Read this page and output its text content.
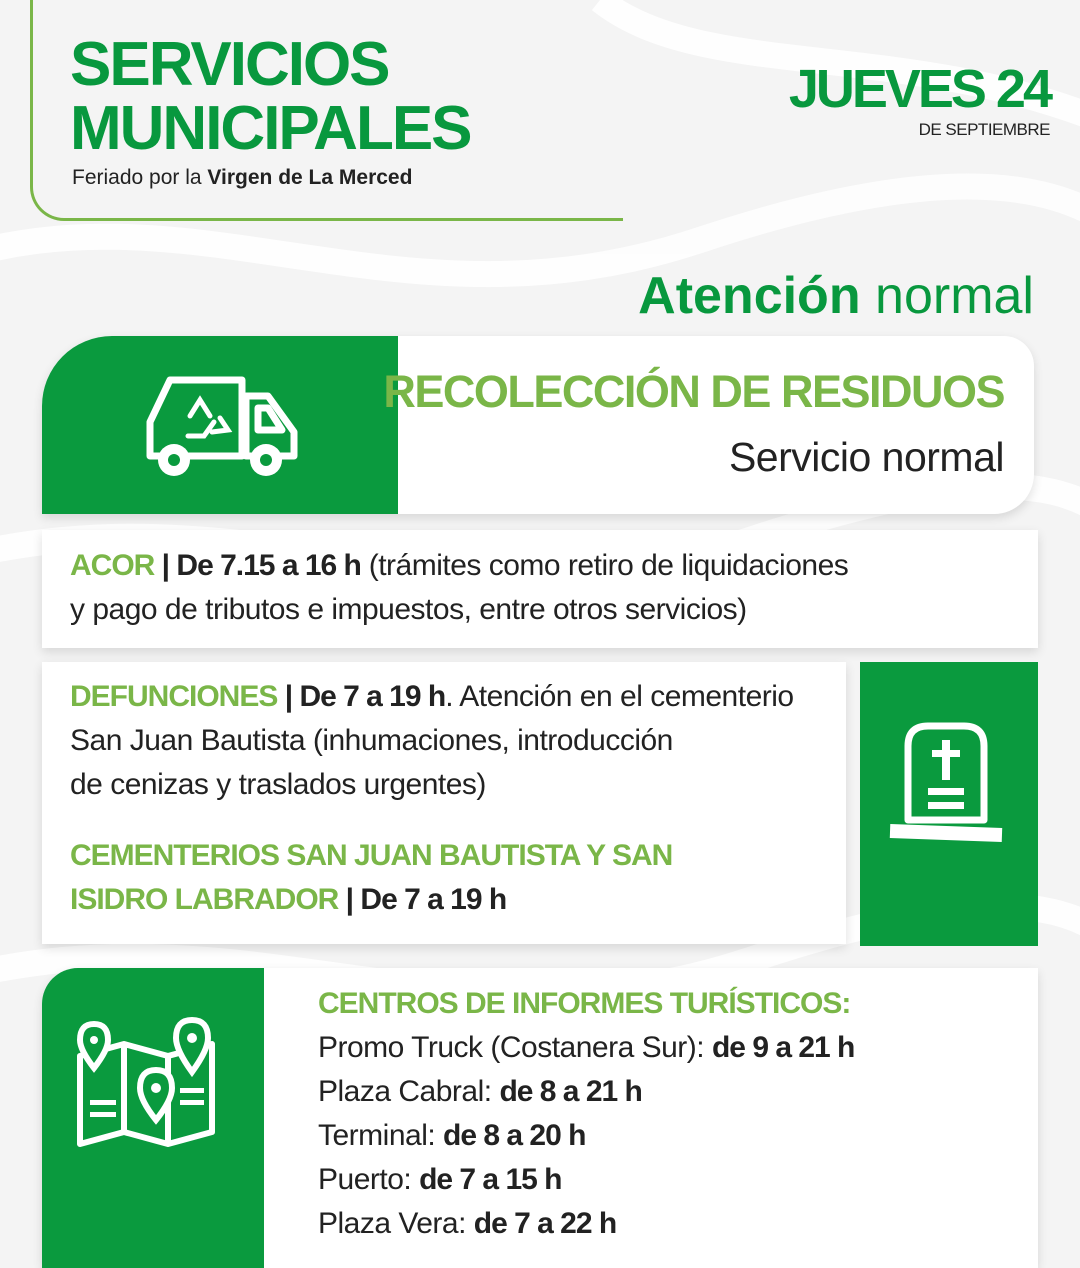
SERVICIOS
MUNICIPALES
Feriado por la Virgen de La Merced
JUEVES 24
DE SEPTIEMBRE
Atención normal
RECOLECCIÓN DE RESIDUOS
Servicio normal
ACOR | De 7.15 a 16 h (trámites como retiro de liquidaciones
y pago de tributos e impuestos, entre otros servicios)
DEFUNCIONES | De 7 a 19 h. Atención en el cementerio
San Juan Bautista (inhumaciones, introducción
de cenizas y traslados urgentes)
CEMENTERIOS SAN JUAN BAUTISTA Y SAN
ISIDRO LABRADOR | De 7 a 19 h
CENTROS DE INFORMES TURÍSTICOS:
Promo Truck (Costanera Sur): de 9 a 21 h
Plaza Cabral: de 8 a 21 h
Terminal: de 8 a 20 h
Puerto: de 7 a 15 h
Plaza Vera: de 7 a 22 h
